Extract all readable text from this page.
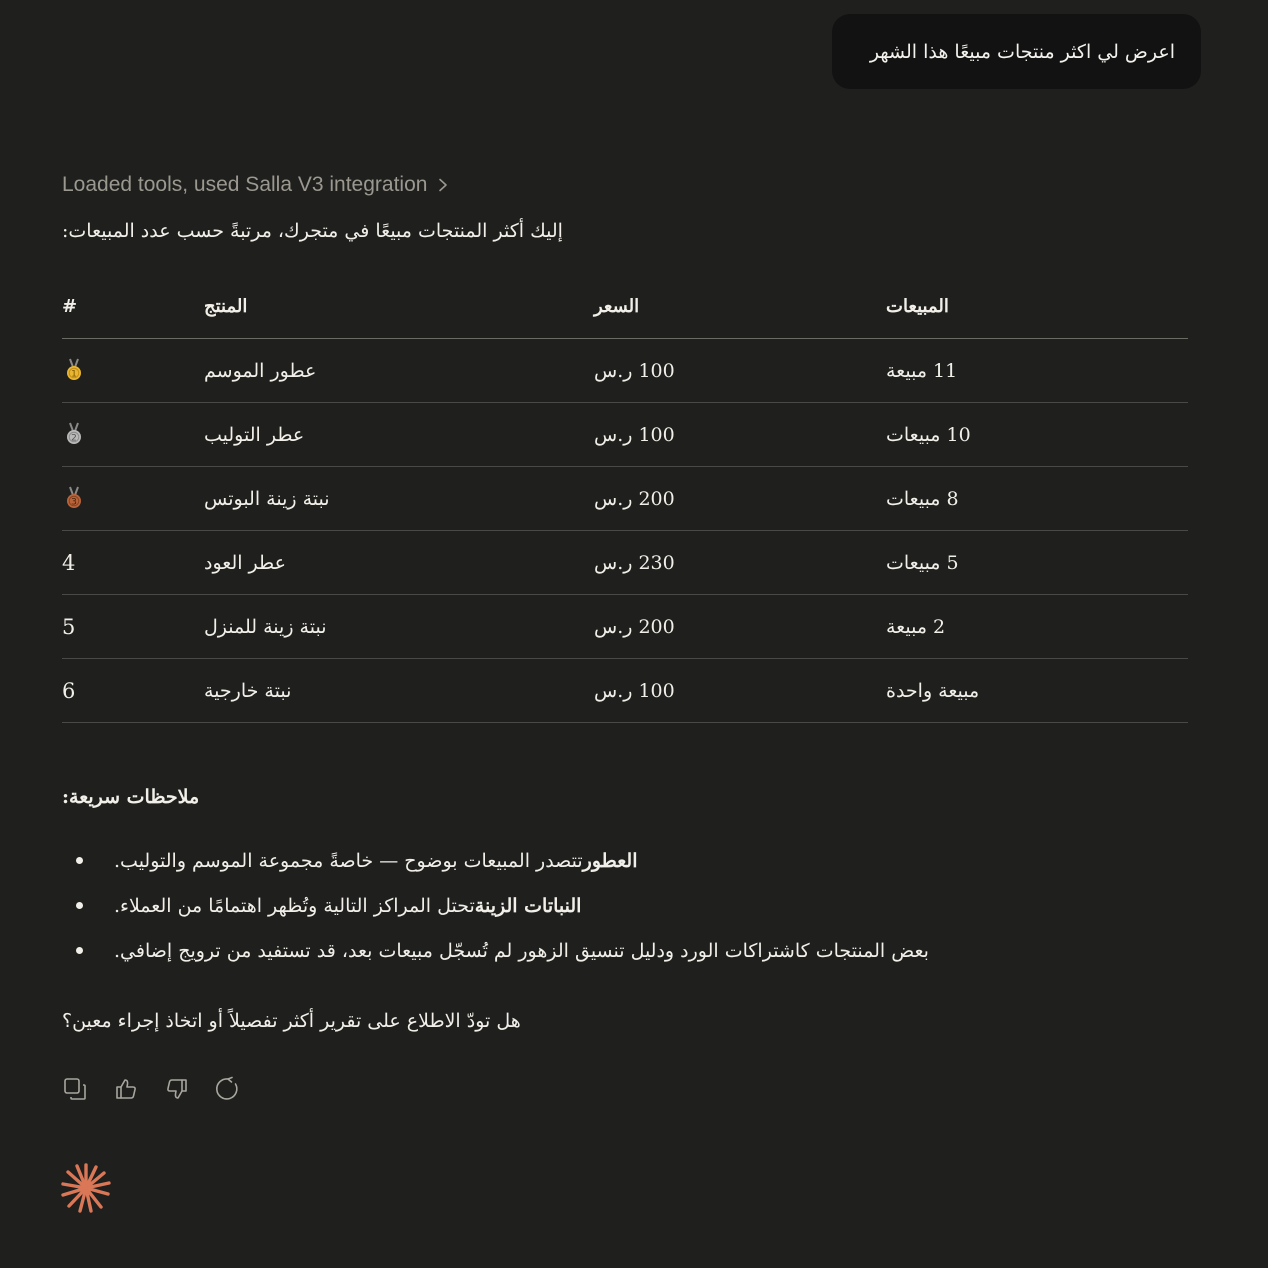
اعرض لي اكثر منتجات مبيعًا هذا الشهر
Loaded tools, used Salla V3 integration
إليك أكثر المنتجات مبيعًا في متجرك، مرتبةً حسب عدد المبيعات:
#	المنتج	السعر	المبيعات
1	عطور الموسم	100 ر.س	11 مبيعة
2	عطر التوليب	100 ر.س	10 مبيعات
3	نبتة زينة البوتس	200 ر.س	8 مبيعات
4	عطر العود	230 ر.س	5 مبيعات
5	نبتة زينة للمنزل	200 ر.س	2 مبيعة
6	نبتة خارجية	100 ر.س	مبيعة واحدة
ملاحظات سريعة:
العطورتتصدر المبيعات بوضوح — خاصةً مجموعة الموسم والتوليب.
النباتات الزينةتحتل المراكز التالية وتُظهر اهتمامًا من العملاء.
بعض المنتجات كاشتراكات الورد ودليل تنسيق الزهور لم تُسجّل مبيعات بعد، قد تستفيد من ترويج إضافي.
هل تودّ الاطلاع على تقرير أكثر تفصيلاً أو اتخاذ إجراء معين؟
